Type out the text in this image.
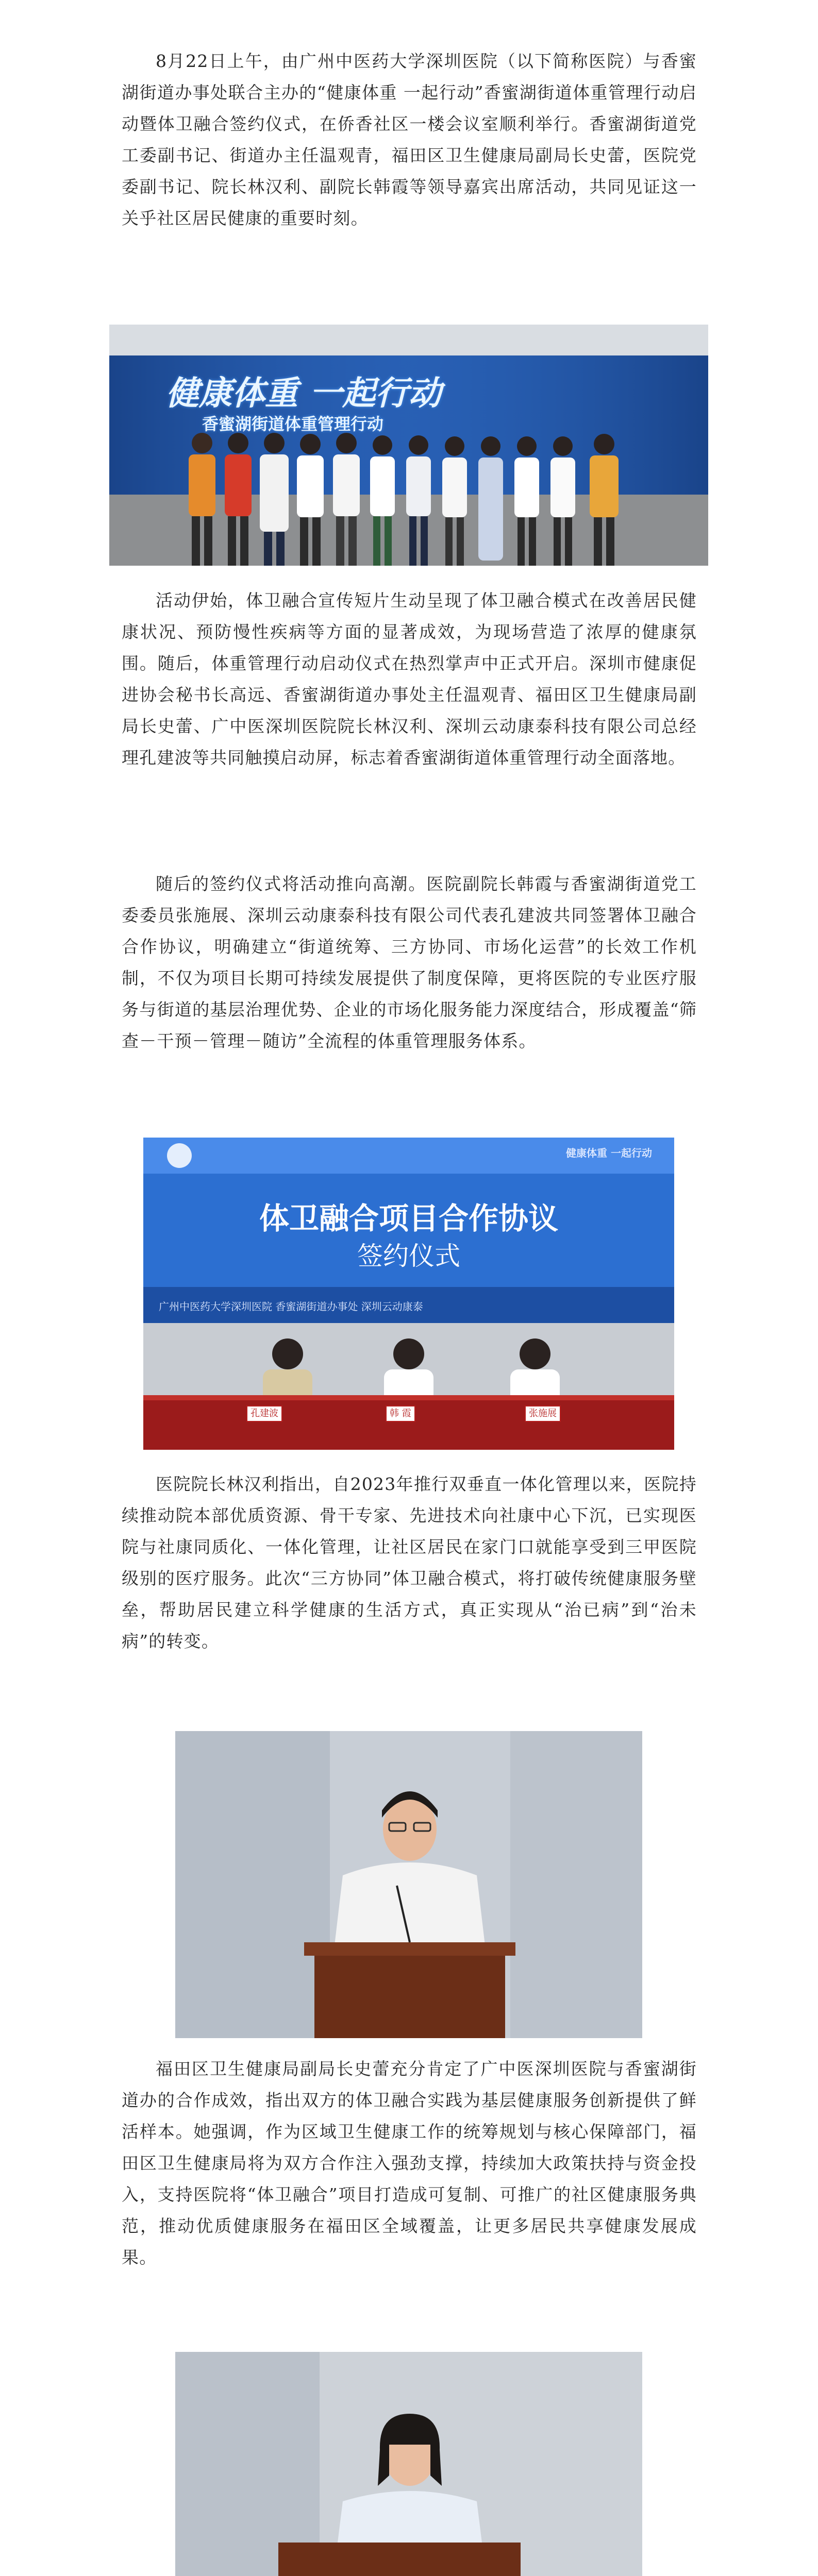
8月22日上午，由广州中医药大学深圳医院（以下简称医院）与香蜜湖街道办事处联合主办的“健康体重 一起行动”香蜜湖街道体重管理行动启动暨体卫融合签约仪式，在侨香社区一楼会议室顺利举行。香蜜湖街道党工委副书记、街道办主任温观青，福田区卫生健康局副局长史蕾，医院党委副书记、院长林汉利、副院长韩霞等领导嘉宾出席活动，共同见证这一关乎社区居民健康的重要时刻。

健康体重 一起行动
香蜜湖街道体重管理行动

活动伊始，体卫融合宣传短片生动呈现了体卫融合模式在改善居民健康状况、预防慢性疾病等方面的显著成效，为现场营造了浓厚的健康氛围。随后，体重管理行动启动仪式在热烈掌声中正式开启。深圳市健康促进协会秘书长高远、香蜜湖街道办事处主任温观青、福田区卫生健康局副局长史蕾、广中医深圳医院院长林汉利、深圳云动康泰科技有限公司总经理孔建波等共同触摸启动屏，标志着香蜜湖街道体重管理行动全面落地。

随后的签约仪式将活动推向高潮。医院副院长韩霞与香蜜湖街道党工委委员张施展、深圳云动康泰科技有限公司代表孔建波共同签署体卫融合合作协议，明确建立“街道统筹、三方协同、市场化运营”的长效工作机制，不仅为项目长期可持续发展提供了制度保障，更将医院的专业医疗服务与街道的基层治理优势、企业的市场化服务能力深度结合，形成覆盖“筛查－干预－管理－随访”全流程的体重管理服务体系。

健康体重 一起行动
体卫融合项目合作协议
签约仪式
广州中医药大学深圳医院 香蜜湖街道办事处 深圳云动康泰
孔建波	韩 霞	张施展

医院院长林汉利指出，自2023年推行双垂直一体化管理以来，医院持续推动院本部优质资源、骨干专家、先进技术向社康中心下沉，已实现医院与社康同质化、一体化管理，让社区居民在家门口就能享受到三甲医院级别的医疗服务。此次“三方协同”体卫融合模式，将打破传统健康服务壁垒，帮助居民建立科学健康的生活方式，真正实现从“治已病”到“治未病”的转变。

福田区卫生健康局副局长史蕾充分肯定了广中医深圳医院与香蜜湖街道办的合作成效，指出双方的体卫融合实践为基层健康服务创新提供了鲜活样本。她强调，作为区域卫生健康工作的统筹规划与核心保障部门，福田区卫生健康局将为双方合作注入强劲支撑，持续加大政策扶持与资金投入，支持医院将“体卫融合”项目打造成可复制、可推广的社区健康服务典范，推动优质健康服务在福田区全域覆盖，让更多居民共享健康发展成果。
